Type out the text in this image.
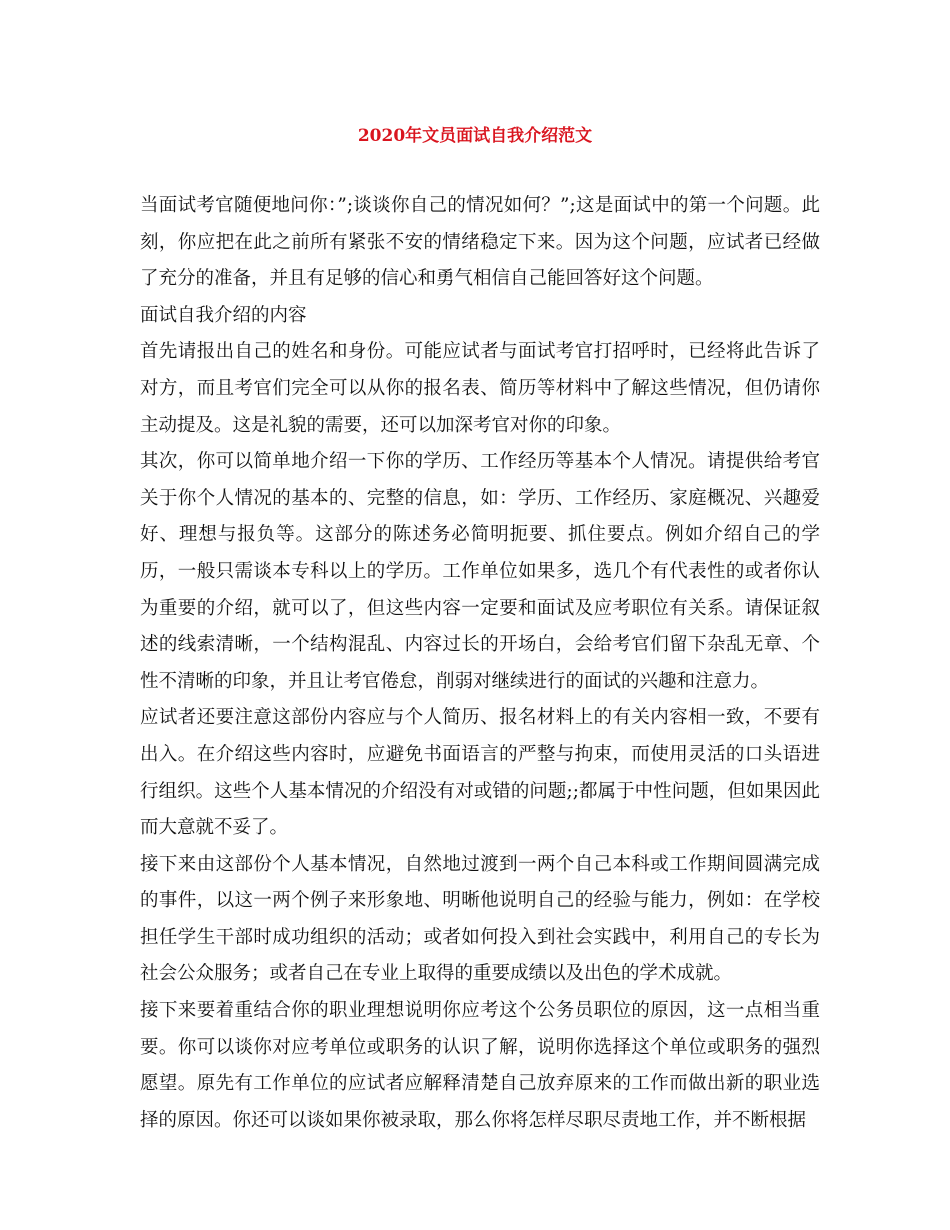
2020年文员面试自我介绍范文

当面试考官随便地问你：”;谈谈你自己的情况如何？”;这是面试中的第一个问题。此刻，你应把在此之前所有紧张不安的情绪稳定下来。因为这个问题，应试者已经做了充分的准备，并且有足够的信心和勇气相信自己能回答好这个问题。

面试自我介绍的内容

首先请报出自己的姓名和身份。可能应试者与面试考官打招呼时，已经将此告诉了对方，而且考官们完全可以从你的报名表、简历等材料中了解这些情况，但仍请你主动提及。这是礼貌的需要，还可以加深考官对你的印象。

其次，你可以简单地介绍一下你的学历、工作经历等基本个人情况。请提供给考官关于你个人情况的基本的、完整的信息，如：学历、工作经历、家庭概况、兴趣爱好、理想与报负等。这部分的陈述务必简明扼要、抓住要点。例如介绍自己的学历，一般只需谈本专科以上的学历。工作单位如果多，选几个有代表性的或者你认为重要的介绍，就可以了，但这些内容一定要和面试及应考职位有关系。请保证叙述的线索清晰，一个结构混乱、内容过长的开场白，会给考官们留下杂乱无章、个性不清晰的印象，并且让考官倦怠，削弱对继续进行的面试的兴趣和注意力。

应试者还要注意这部份内容应与个人简历、报名材料上的有关内容相一致，不要有出入。在介绍这些内容时，应避免书面语言的严整与拘束，而使用灵活的口头语进行组织。这些个人基本情况的介绍没有对或错的问题;;都属于中性问题，但如果因此而大意就不妥了。

接下来由这部份个人基本情况，自然地过渡到一两个自己本科或工作期间圆满完成的事件，以这一两个例子来形象地、明晰他说明自己的经验与能力，例如：在学校担任学生干部时成功组织的活动；或者如何投入到社会实践中，利用自己的专长为社会公众服务；或者自己在专业上取得的重要成绩以及出色的学术成就。

接下来要着重结合你的职业理想说明你应考这个公务员职位的原因，这一点相当重要。你可以谈你对应考单位或职务的认识了解，说明你选择这个单位或职务的强烈愿望。原先有工作单位的应试者应解释清楚自己放弃原来的工作而做出新的职业选择的原因。你还可以谈如果你被录取，那么你将怎样尽职尽责地工作，并不断根据
